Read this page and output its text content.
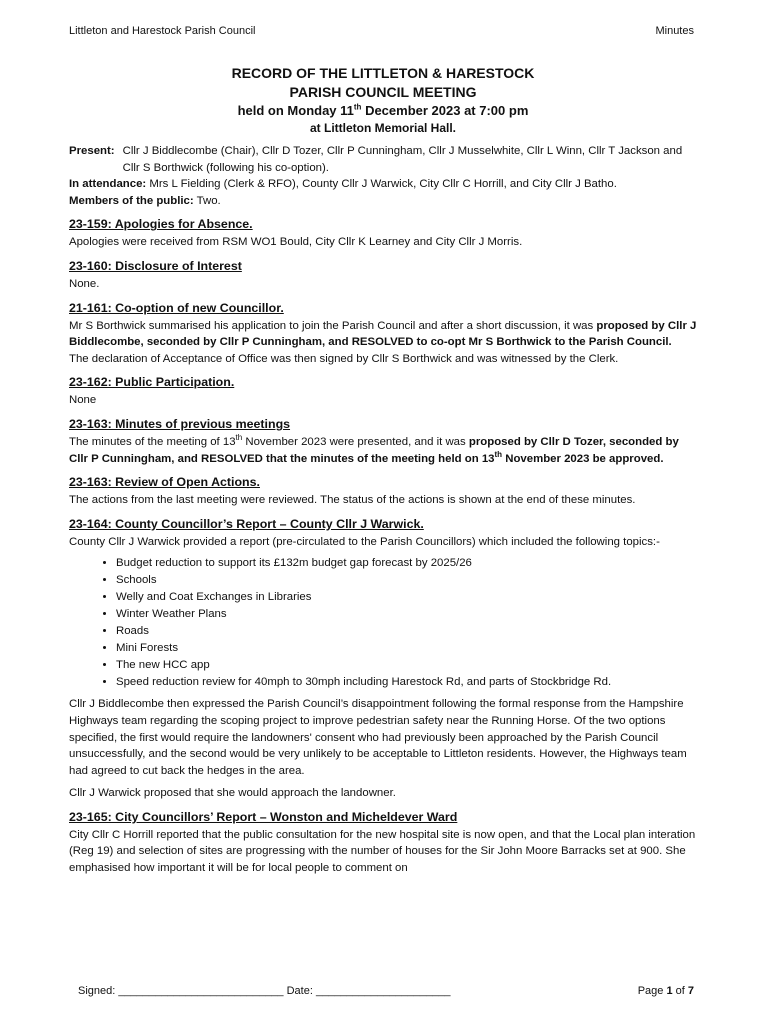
Littleton and Harestock Parish Council	Minutes

RECORD OF THE LITTLETON & HARESTOCK

PARISH COUNCIL MEETING

held on Monday 11th December 2023 at 7:00 pm

at Littleton Memorial Hall.

Present: Cllr J Biddlecombe (Chair), Cllr D Tozer, Cllr P Cunningham, Cllr J Musselwhite, Cllr L Winn, Cllr T Jackson and Cllr S Borthwick (following his co-option).

In attendance: Mrs L Fielding (Clerk & RFO), County Cllr J Warwick, City Cllr C Horrill, and City Cllr J Batho.

Members of the public: Two.

23-159: Apologies for Absence.

Apologies were received from RSM WO1 Bould, City Cllr K Learney and City Cllr J Morris.

23-160: Disclosure of Interest

None.

21-161: Co-option of new Councillor.

Mr S Borthwick summarised his application to join the Parish Council and after a short discussion, it was proposed by Cllr J Biddlecombe, seconded by Cllr P Cunningham, and RESOLVED to co-opt Mr S Borthwick to the Parish Council.

The declaration of Acceptance of Office was then signed by Cllr S Borthwick and was witnessed by the Clerk.

23-162: Public Participation.

None

23-163: Minutes of previous meetings

The minutes of the meeting of 13th November 2023 were presented, and it was proposed by Cllr D Tozer, seconded by Cllr P Cunningham, and RESOLVED that the minutes of the meeting held on 13th November 2023 be approved.

23-163: Review of Open Actions.

The actions from the last meeting were reviewed. The status of the actions is shown at the end of these minutes.

23-164: County Councillor’s Report – County Cllr J Warwick.

County Cllr J Warwick provided a report (pre-circulated to the Parish Councillors) which included the following topics:-

• Budget reduction to support its £132m budget gap forecast by 2025/26
• Schools
• Welly and Coat Exchanges in Libraries
• Winter Weather Plans
• Roads
• Mini Forests
• The new HCC app
• Speed reduction review for 40mph to 30mph including Harestock Rd, and parts of Stockbridge Rd.

Cllr J Biddlecombe then expressed the Parish Council’s disappointment following the formal response from the Hampshire Highways team regarding the scoping project to improve pedestrian safety near the Running Horse. Of the two options specified, the first would require the landowners' consent who had previously been approached by the Parish Council unsuccessfully, and the second would be very unlikely to be acceptable to Littleton residents. However, the Highways team had agreed to cut back the hedges in the area.

Cllr J Warwick proposed that she would approach the landowner.

23-165: City Councillors’ Report – Wonston and Micheldever Ward

City Cllr C Horrill reported that the public consultation for the new hospital site is now open, and that the Local plan interation (Reg 19) and selection of sites are progressing with the number of houses for the Sir John Moore Barracks set at 900. She emphasised how important it will be for local people to comment on

Signed: ___________________________ Date: ______________________	Page 1 of 7
